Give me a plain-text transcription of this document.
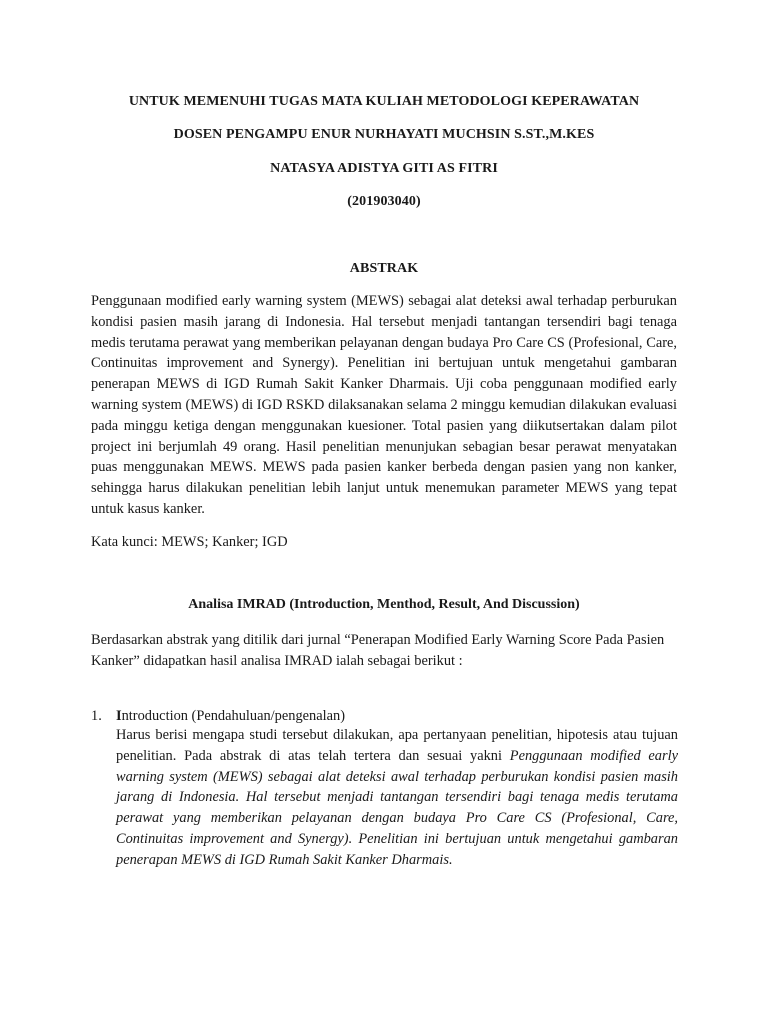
UNTUK MEMENUHI TUGAS MATA KULIAH METODOLOGI KEPERAWATAN

DOSEN PENGAMPU ENUR NURHAYATI MUCHSIN S.ST.,M.KES

NATASYA ADISTYA GITI AS FITRI

(201903040)

ABSTRAK

Penggunaan modified early warning system (MEWS) sebagai alat deteksi awal terhadap perburukan kondisi pasien masih jarang di Indonesia. Hal tersebut menjadi tantangan tersendiri bagi tenaga medis terutama perawat yang memberikan pelayanan dengan budaya Pro Care CS (Profesional, Care, Continuitas improvement and Synergy). Penelitian ini bertujuan untuk mengetahui gambaran penerapan MEWS di IGD Rumah Sakit Kanker Dharmais. Uji coba penggunaan modified early warning system (MEWS) di IGD RSKD dilaksanakan selama 2 minggu kemudian dilakukan evaluasi pada minggu ketiga dengan menggunakan kuesioner. Total pasien yang diikutsertakan dalam pilot project ini berjumlah 49 orang. Hasil penelitian menunjukan sebagian besar perawat menyatakan puas menggunakan MEWS. MEWS pada pasien kanker berbeda dengan pasien yang non kanker, sehingga harus dilakukan penelitian lebih lanjut untuk menemukan parameter MEWS yang tepat untuk kasus kanker.

Kata kunci: MEWS; Kanker; IGD

Analisa IMRAD (Introduction, Menthod, Result, And Discussion)

Berdasarkan abstrak yang ditilik dari jurnal “Penerapan Modified Early Warning Score Pada Pasien Kanker” didapatkan hasil analisa IMRAD ialah sebagai berikut :

1. Introduction (Pendahuluan/pengenalan)

Harus berisi mengapa studi tersebut dilakukan, apa pertanyaan penelitian, hipotesis atau tujuan penelitian. Pada abstrak di atas telah tertera dan sesuai yakni Penggunaan modified early warning system (MEWS) sebagai alat deteksi awal terhadap perburukan kondisi pasien masih jarang di Indonesia. Hal tersebut menjadi tantangan tersendiri bagi tenaga medis terutama perawat yang memberikan pelayanan dengan budaya Pro Care CS (Profesional, Care, Continuitas improvement and Synergy). Penelitian ini bertujuan untuk mengetahui gambaran penerapan MEWS di IGD Rumah Sakit Kanker Dharmais.
